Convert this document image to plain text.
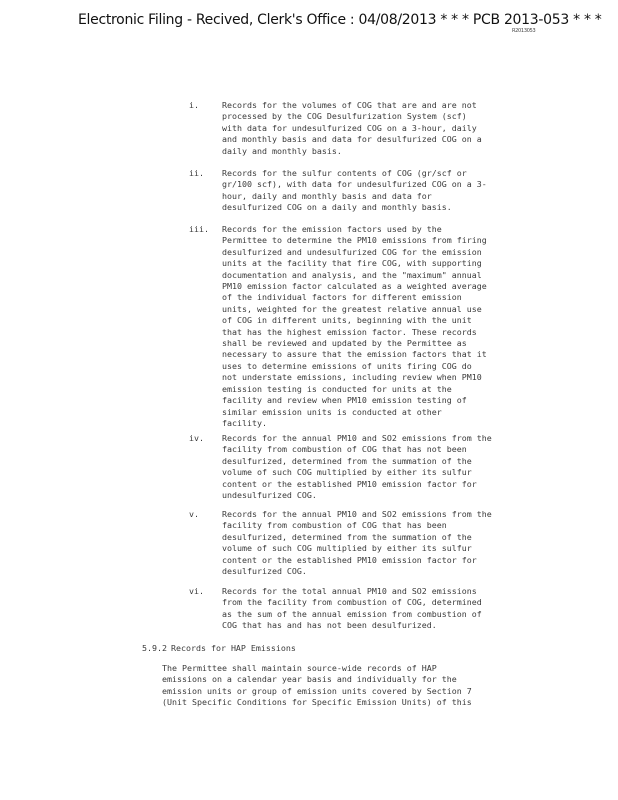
Electronic Filing - Recived, Clerk's Office : 04/08/2013 * * * PCB 2013-053 * * *
R2013053
i.	Records for the volumes of COG that are and are not
processed by the COG Desulfurization System (scf)
with data for undesulfurized COG on a 3-hour, daily
and monthly basis and data for desulfurized COG on a
daily and monthly basis.
ii.	Records for the sulfur contents of COG (gr/scf or
gr/100 scf), with data for undesulfurized COG on a 3-
hour, daily and monthly basis and data for
desulfurized COG on a daily and monthly basis.
iii.	Records for the emission factors used by the
Permittee to determine the PM10 emissions from firing
desulfurized and undesulfurized COG for the emission
units at the facility that fire COG, with supporting
documentation and analysis, and the "maximum" annual
PM10 emission factor calculated as a weighted average
of the individual factors for different emission
units, weighted for the greatest relative annual use
of COG in different units, beginning with the unit
that has the highest emission factor. These records
shall be reviewed and updated by the Permittee as
necessary to assure that the emission factors that it
uses to determine emissions of units firing COG do
not understate emissions, including review when PM10
emission testing is conducted for units at the
facility and review when PM10 emission testing of
similar emission units is conducted at other
facility.
iv.	Records for the annual PM10 and SO2 emissions from the
facility from combustion of COG that has not been
desulfurized, determined from the summation of the
volume of such COG multiplied by either its sulfur
content or the established PM10 emission factor for
undesulfurized COG.
v.	Records for the annual PM10 and SO2 emissions from the
facility from combustion of COG that has been
desulfurized, determined from the summation of the
volume of such COG multiplied by either its sulfur
content or the established PM10 emission factor for
desulfurized COG.
vi.	Records for the total annual PM10 and SO2 emissions
from the facility from combustion of COG, determined
as the sum of the annual emission from combustion of
COG that has and has not been desulfurized.
5.9.2 Records for HAP Emissions
The Permittee shall maintain source-wide records of HAP
emissions on a calendar year basis and individually for the
emission units or group of emission units covered by Section 7
(Unit Specific Conditions for Specific Emission Units) of this
